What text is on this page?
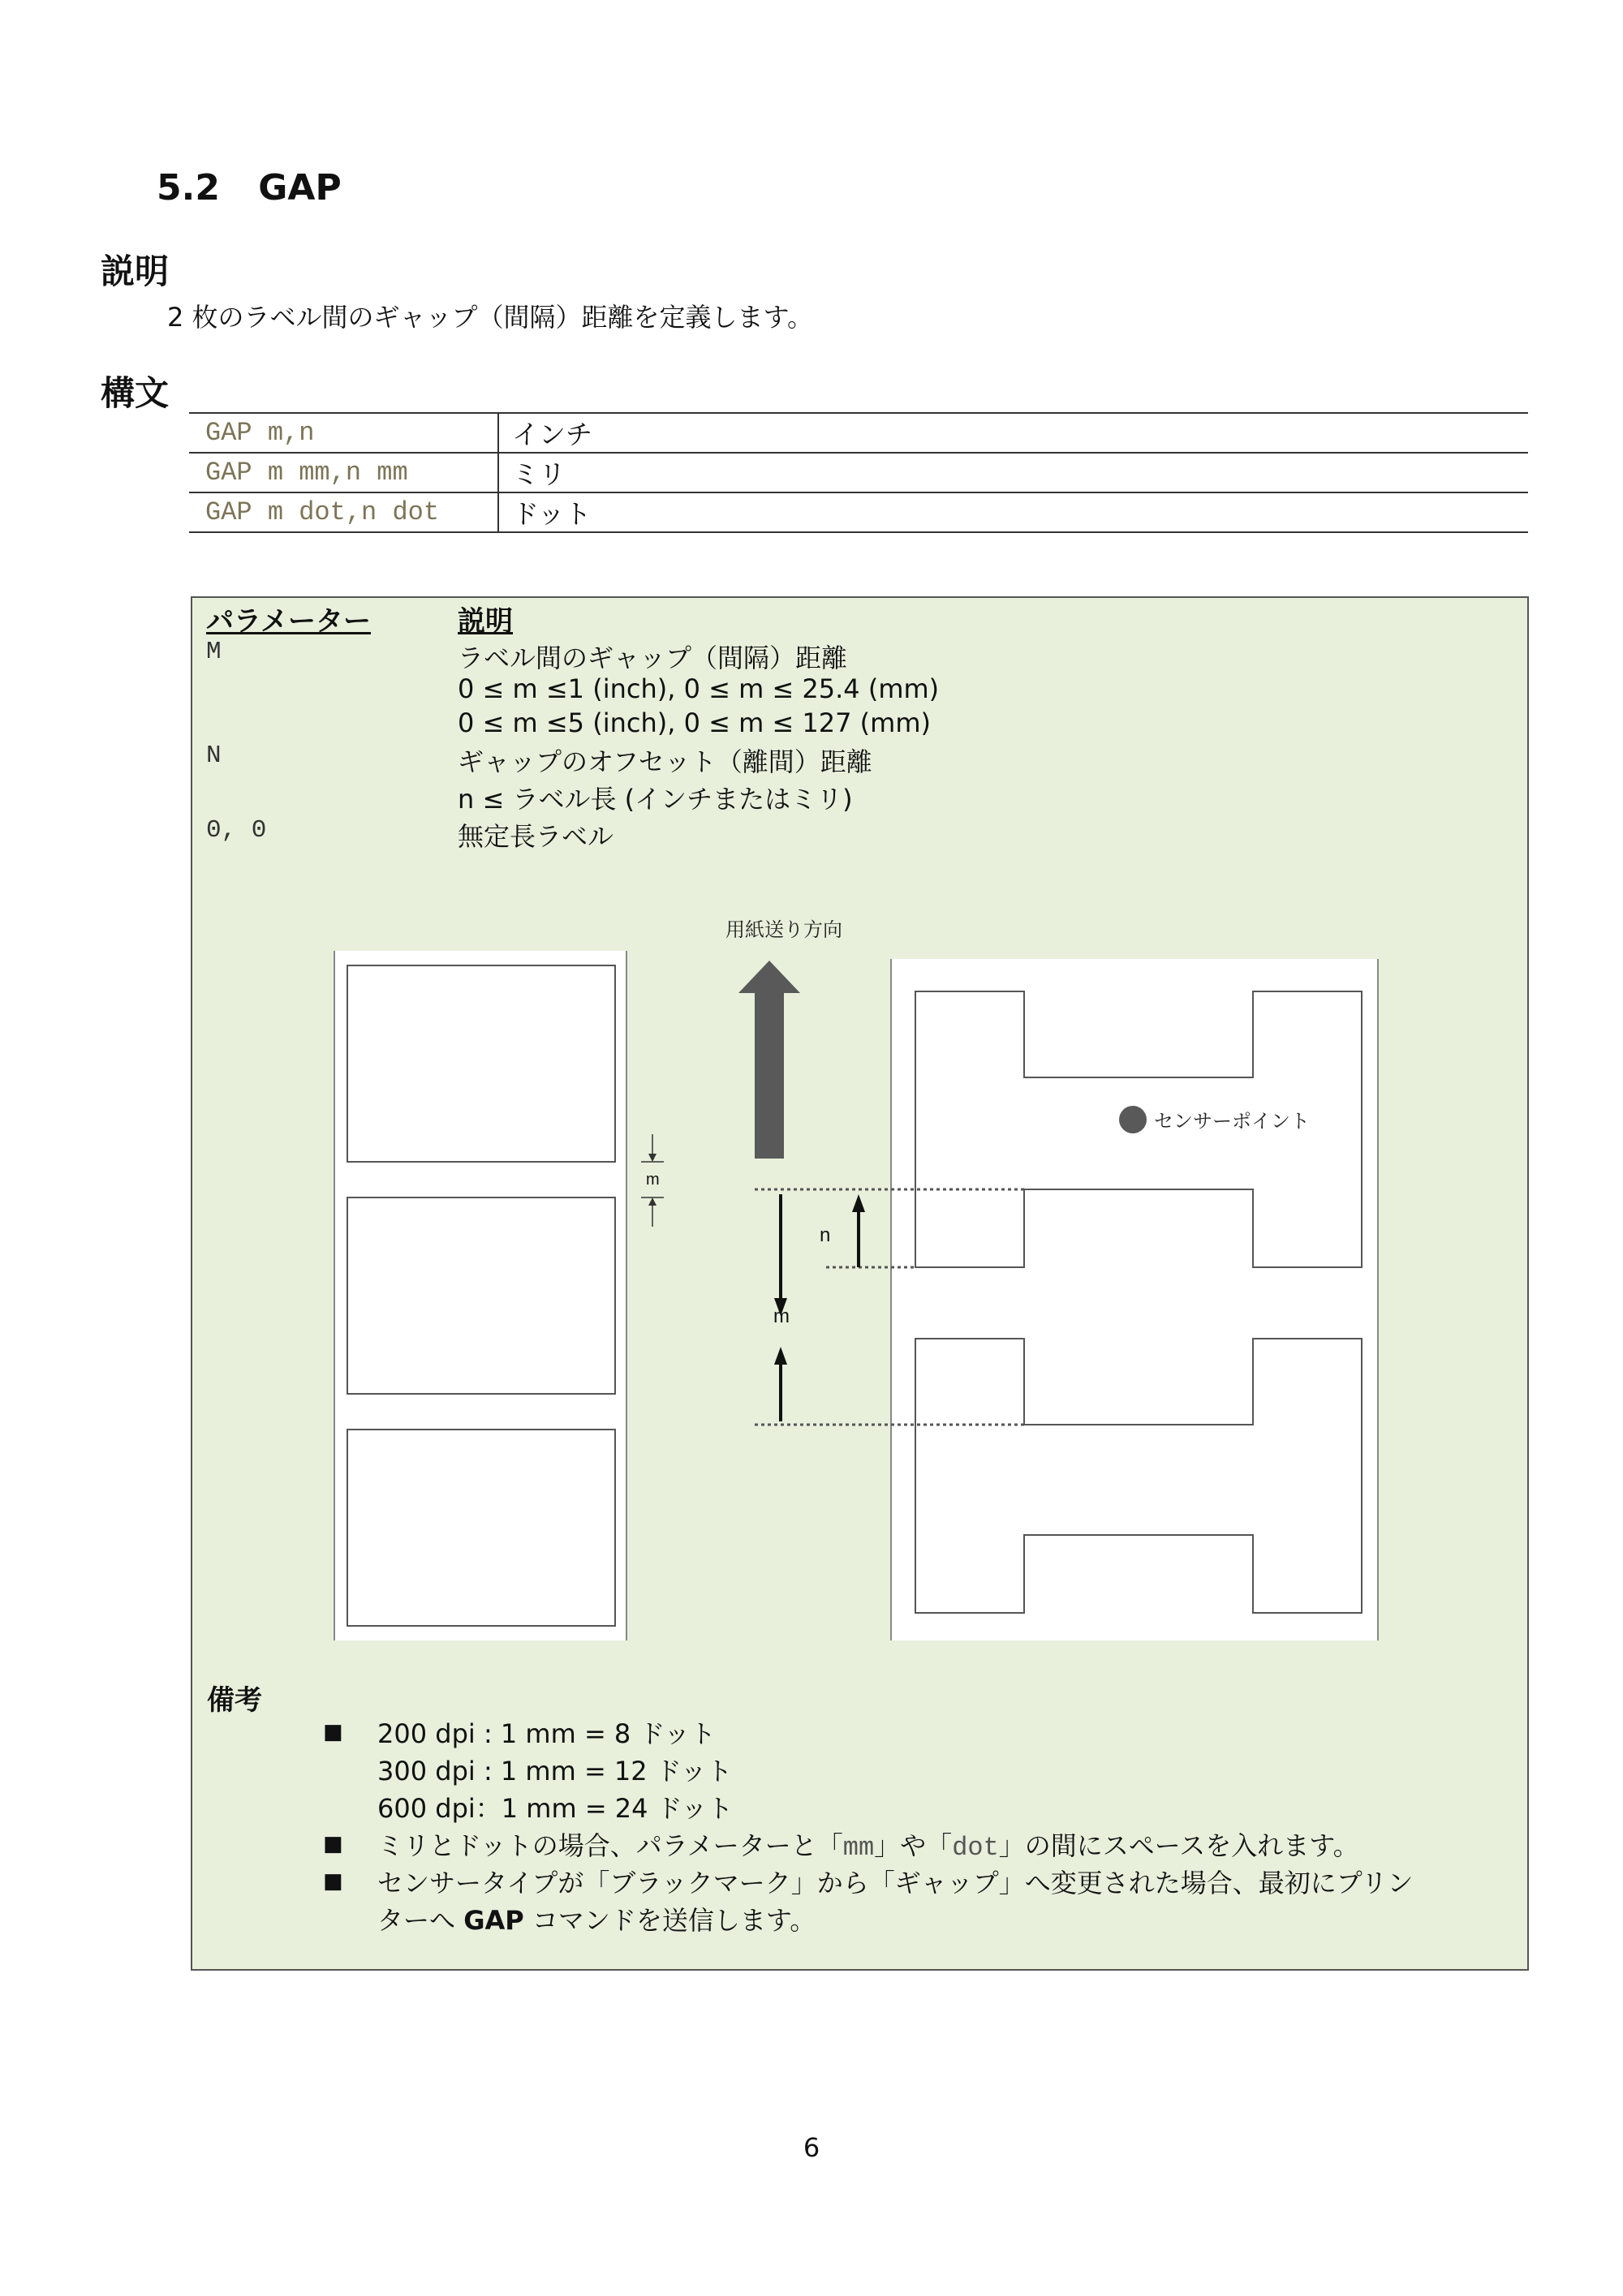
5.2 GAP
説明
2 枚のラベル間のギャップ（間隔）距離を定義します。
構文
GAP m,n	インチ
GAP m mm,n mm	ミリ
GAP m dot,n dot	ドット
パラメーター	説明
M	ラベル間のギャップ（間隔）距離
0 ≤ m ≤1 (inch), 0 ≤ m ≤ 25.4 (mm)
0 ≤ m ≤5 (inch), 0 ≤ m ≤ 127 (mm)
N	ギャップのオフセット（離間）距離
n ≤ ラベル長 (インチまたはミリ)
0, 0	無定長ラベル
m
用紙送り方向
センサーポイント
n
m
備考
■ 200 dpi : 1 mm = 8 ドット
300 dpi : 1 mm = 12 ドット
600 dpi：1 mm = 24 ドット
■ ミリとドットの場合、パラメーターと「mm」や「dot」の間にスペースを入れます。
■ センサータイプが「ブラックマーク」から「ギャップ」へ変更された場合、最初にプリン
ターへ GAP コマンドを送信します。
6
